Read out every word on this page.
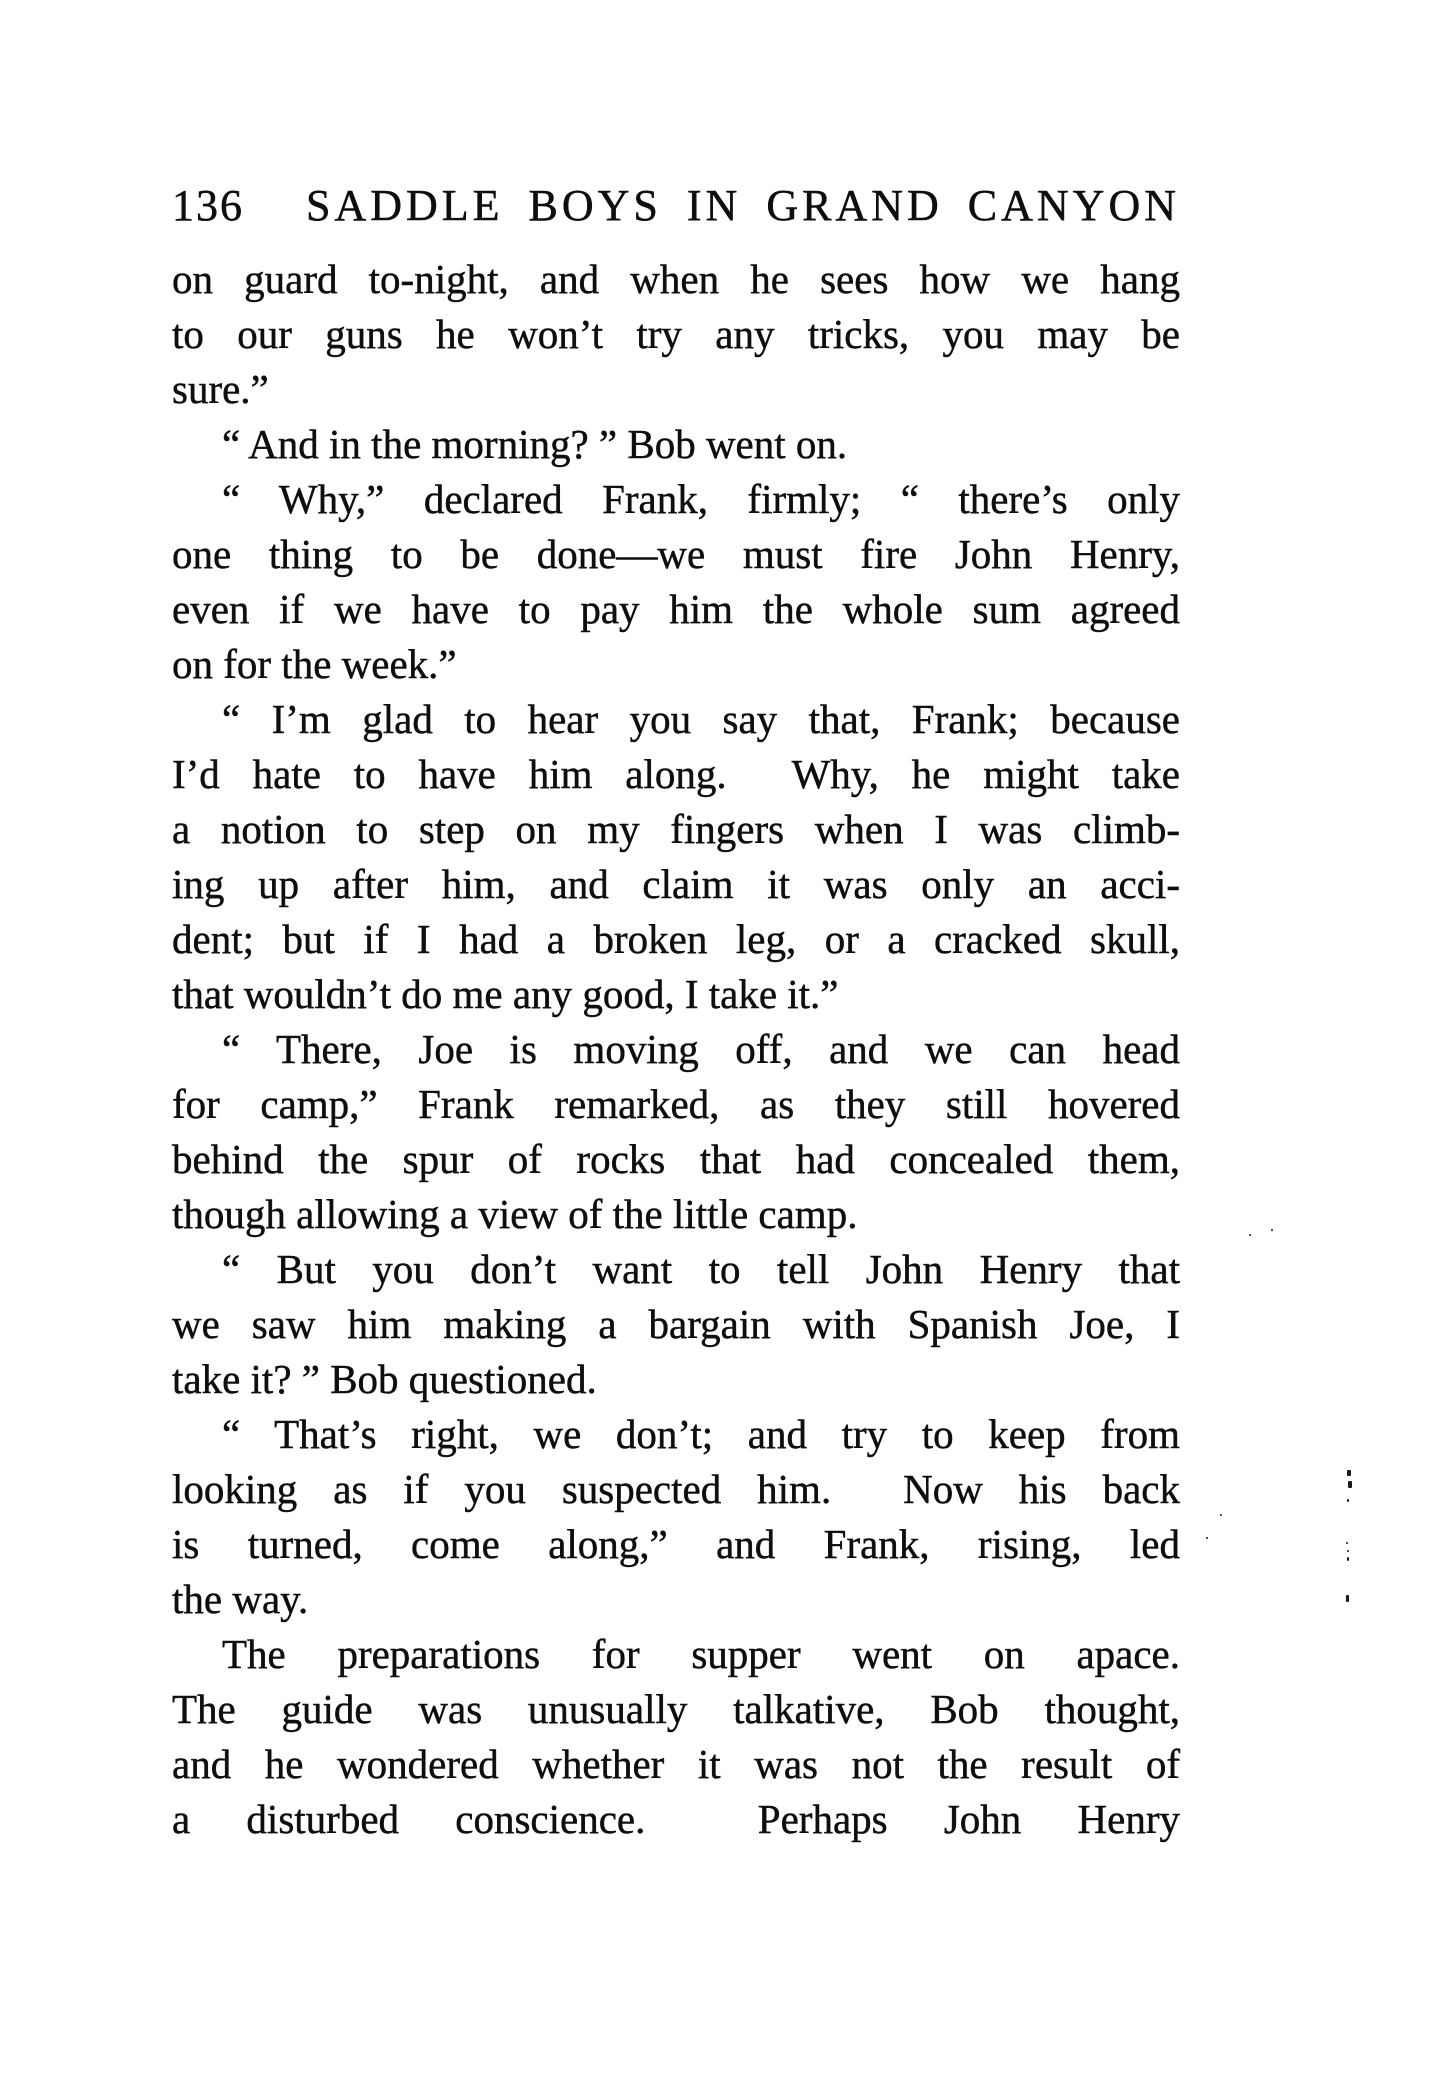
136 SADDLE BOYS IN GRAND CANYON
on guard to-night, and when he sees how we hang
to our guns he won’t try any tricks, you may be
sure.”
“ And in the morning? ” Bob went on.
“ Why,” declared Frank, firmly; “ there’s only
one thing to be done—we must fire John Henry,
even if we have to pay him the whole sum agreed
on for the week.”
“ I’m glad to hear you say that, Frank; because
I’d hate to have him along.  Why, he might take
a notion to step on my fingers when I was climb-
ing up after him, and claim it was only an acci-
dent; but if I had a broken leg, or a cracked skull,
that wouldn’t do me any good, I take it.”
“ There, Joe is moving off, and we can head
for camp,” Frank remarked, as they still hovered
behind the spur of rocks that had concealed them,
though allowing a view of the little camp.
“ But you don’t want to tell John Henry that
we saw him making a bargain with Spanish Joe, I
take it? ” Bob questioned.
“ That’s right, we don’t; and try to keep from
looking as if you suspected him.  Now his back
is turned, come along,” and Frank, rising, led
the way.
The preparations for supper went on apace.
The guide was unusually talkative, Bob thought,
and he wondered whether it was not the result of
a disturbed conscience.  Perhaps John Henry
